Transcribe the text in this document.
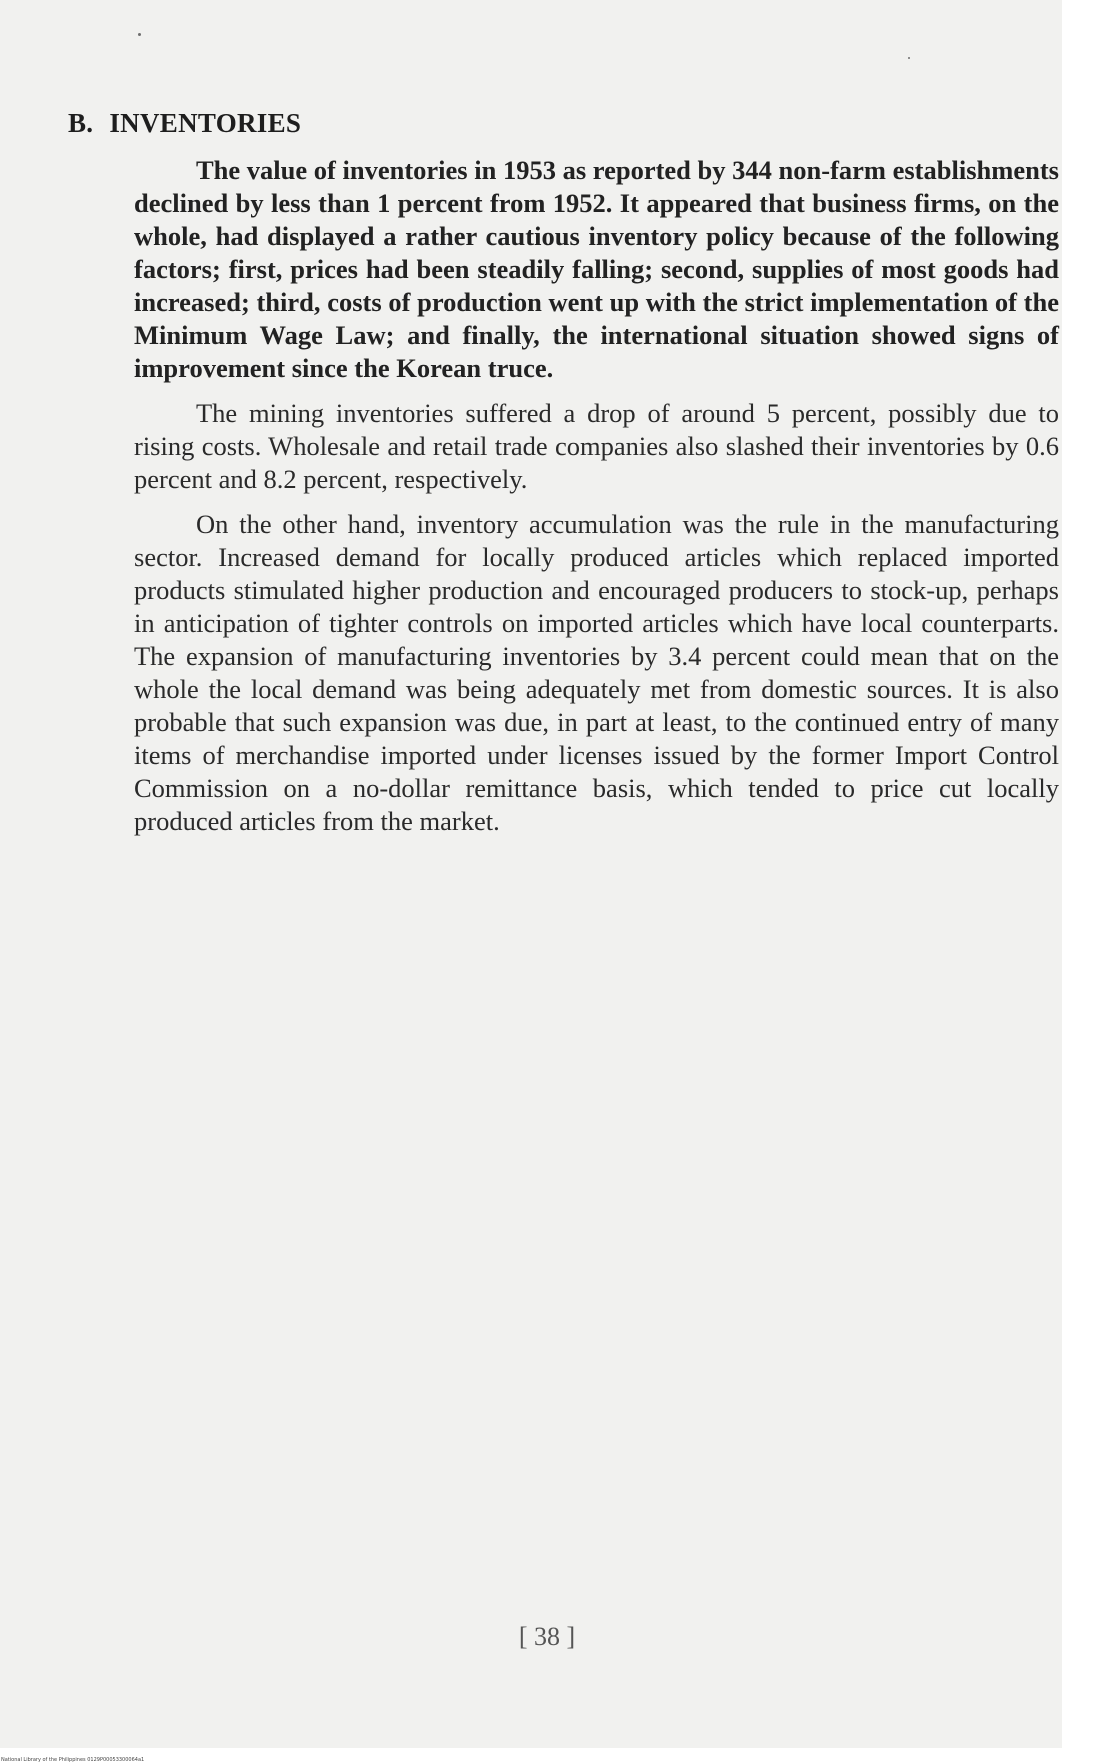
B. INVENTORIES

The value of inventories in 1953 as reported by 344 non-farm establishments declined by less than 1 percent from 1952. It appeared that business firms, on the whole, had displayed a rather cautious inventory policy because of the following factors; first, prices had been steadily falling; second, supplies of most goods had increased; third, costs of production went up with the strict implementation of the Minimum Wage Law; and finally, the international situation showed signs of improvement since the Korean truce.

The mining inventories suffered a drop of around 5 percent, possibly due to rising costs. Wholesale and retail trade companies also slashed their inventories by 0.6 percent and 8.2 percent, respectively.

On the other hand, inventory accumulation was the rule in the manufacturing sector. Increased demand for locally produced articles which replaced imported products stimulated higher production and encouraged producers to stock-up, perhaps in anticipation of tighter controls on imported articles which have local counterparts. The expansion of manufacturing inventories by 3.4 percent could mean that on the whole the local demand was being adequately met from domestic sources. It is also probable that such expansion was due, in part at least, to the continued entry of many items of merchandise imported under licenses issued by the former Import Control Commission on a no-dollar remittance basis, which tended to price cut locally produced articles from the market.

[ 38 ]

National Library of the Philippines 0129P00053300064a1
